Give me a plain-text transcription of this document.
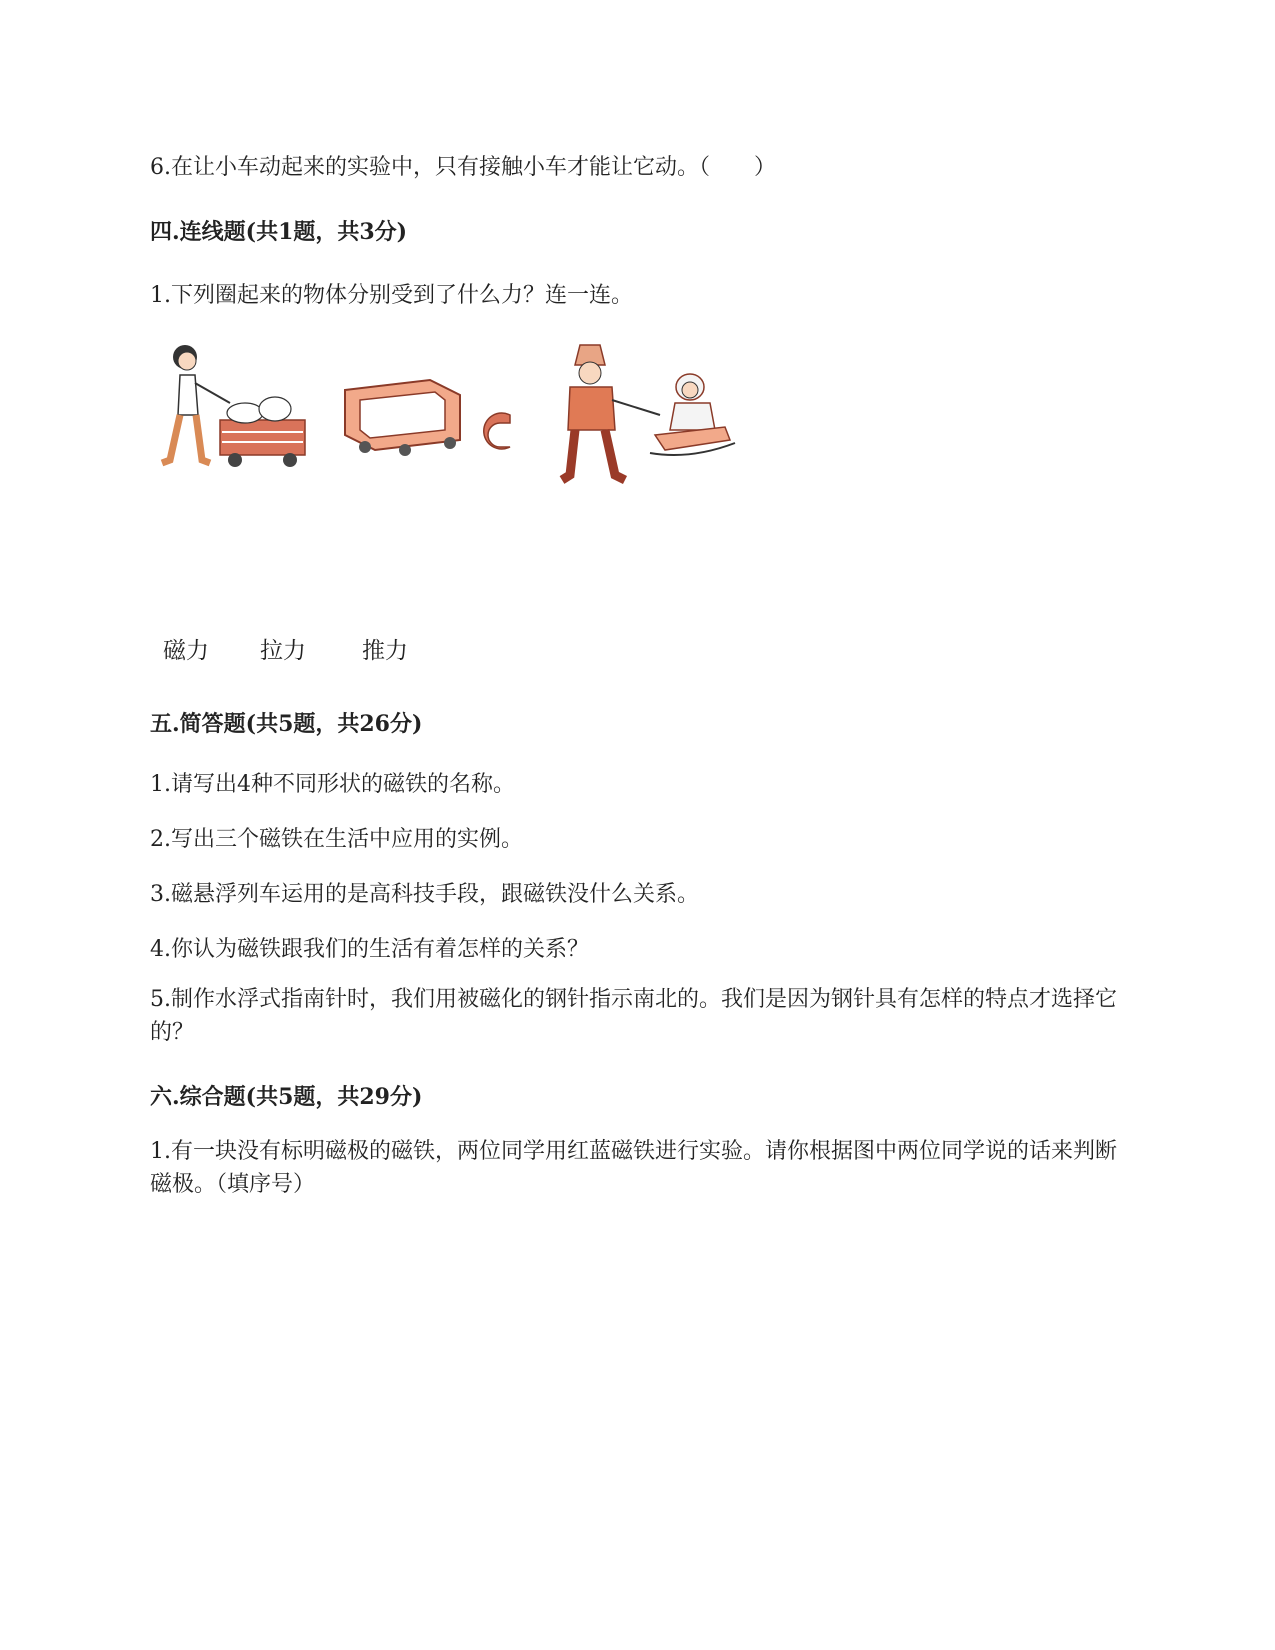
6.在让小车动起来的实验中，只有接触小车才能让它动。（　　）
四.连线题(共1题，共3分)
1.下列圈起来的物体分别受到了什么力？连一连。
磁力 拉力 推力
五.简答题(共5题，共26分)
1.请写出4种不同形状的磁铁的名称。
2.写出三个磁铁在生活中应用的实例。
3.磁悬浮列车运用的是高科技手段，跟磁铁没什么关系。
4.你认为磁铁跟我们的生活有着怎样的关系？
5.制作水浮式指南针时，我们用被磁化的钢针指示南北的。我们是因为钢针具有怎样的特点才选择它的？
六.综合题(共5题，共29分)
1.有一块没有标明磁极的磁铁，两位同学用红蓝磁铁进行实验。请你根据图中两位同学说的话来判断磁极。（填序号）
